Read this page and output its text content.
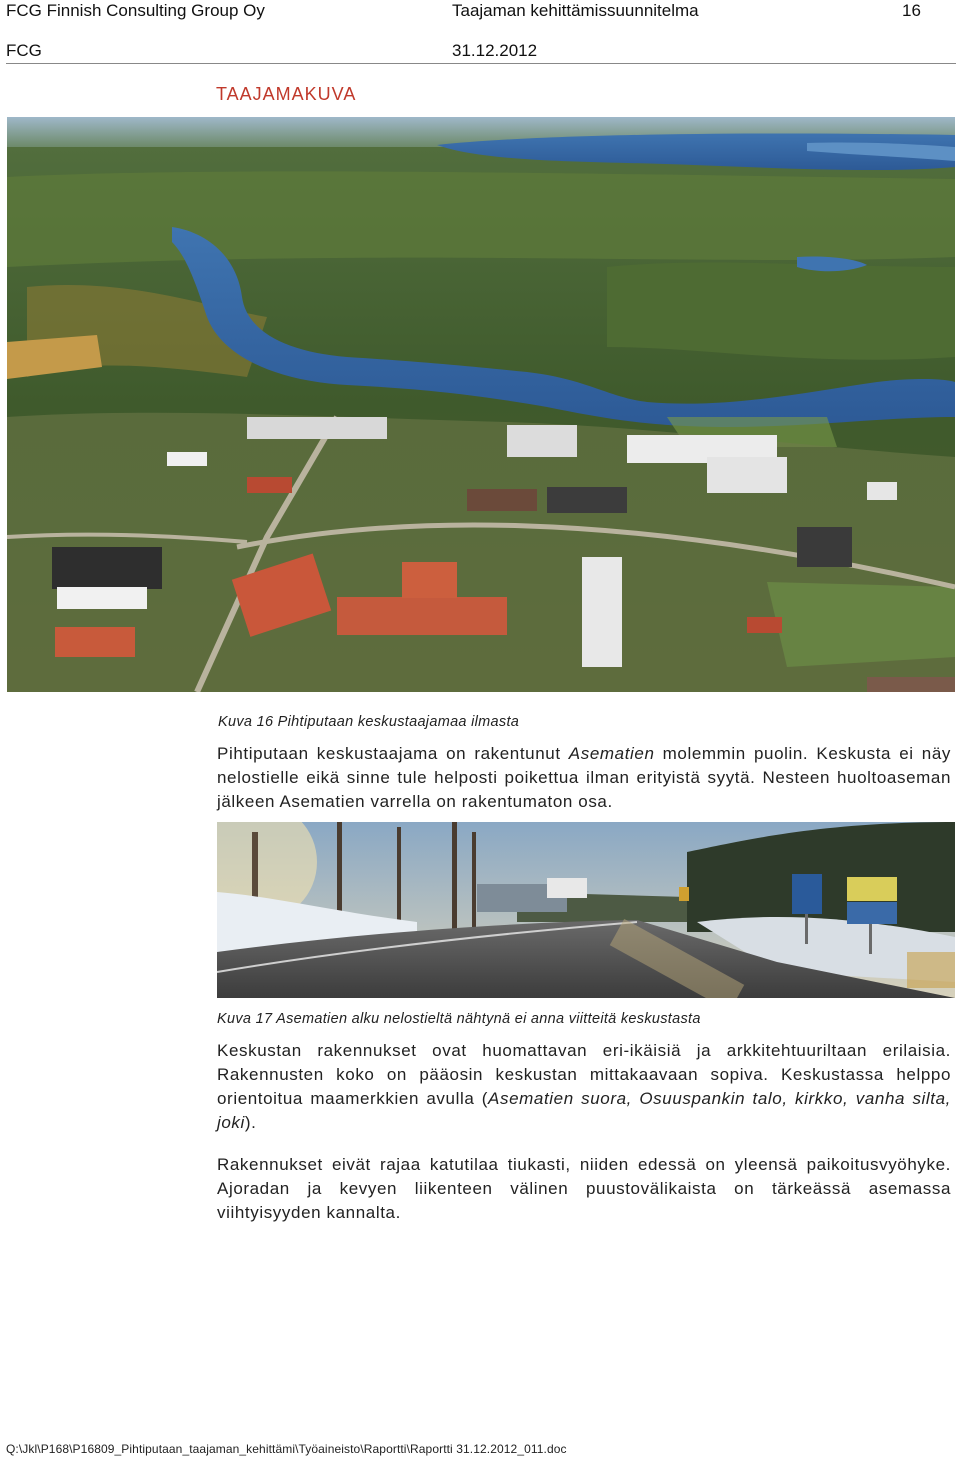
FCG Finnish Consulting Group Oy	Taajaman kehittämissuunnitelma	16
FCG	31.12.2012
TAAJAMAKUVA
Kuva 16 Pihtiputaan keskustaajamaa ilmasta
Pihtiputaan keskustaajama on rakentunut Asematien molemmin puolin. Keskusta ei näy nelostielle eikä sinne tule helposti poikettua ilman erityistä syytä. Nesteen huoltoaseman jälkeen Asematien varrella on rakentumaton osa.
Kuva 17 Asematien alku nelostieltä nähtynä ei anna viitteitä keskustasta
Keskustan rakennukset ovat huomattavan eri-ikäisiä ja arkkitehtuuriltaan erilaisia. Rakennusten koko on pääosin keskustan mittakaavaan sopiva. Keskustassa helppo orientoitua maamerkkien avulla (Asematien suora, Osuuspankin talo, kirkko, vanha silta, joki).
Rakennukset eivät rajaa katutilaa tiukasti, niiden edessä on yleensä paikoitusvyöhyke. Ajoradan ja kevyen liikenteen välinen puustovälikaista on tärkeässä asemassa viihtyisyyden kannalta.
Q:\Jkl\P168\P16809_Pihtiputaan_taajaman_kehittämi\Työaineisto\Raportti\Raportti 31.12.2012_011.doc
